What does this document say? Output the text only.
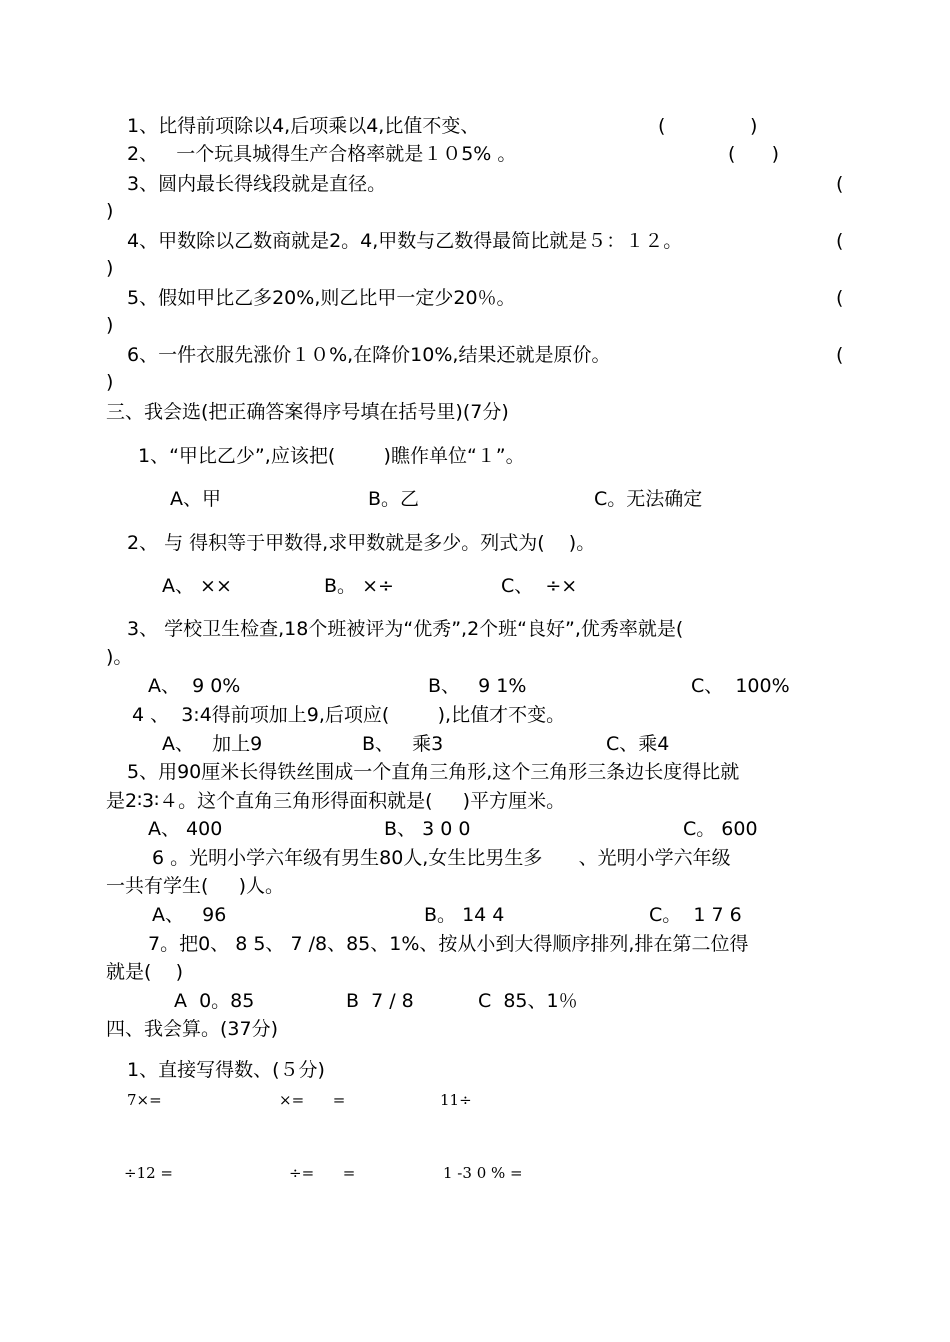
1、比得前项除以4,后项乘以4,比值不变、	(              )
2、   一个玩具城得生产合格率就是１０5% 。	(      )
3、圆内最长得线段就是直径。	(
)
4、甲数除以乙数商就是2。4,甲数与乙数得最简比就是５：１２。	(
)
5、假如甲比乙多20%,则乙比甲一定少20％。	(
)
6、一件衣服先涨价１０%,在降价10%,结果还就是原价。	(
)
三、我会选(把正确答案得序号填在括号里)(7分)
1、“甲比乙少”,应该把(        )瞧作单位“１”。
A、甲	B。乙	C。无法确定
2、 与 得积等于甲数得,求甲数就是多少。列式为(    )。
A、 ××	B。 ×÷	C、  ÷×
3、 学校卫生检查,18个班被评为“优秀”,2个班“良好”,优秀率就是(
)。
A、  9 0%	B、   9 1%	C、  100%
4 、  3:4得前项加上9,后项应(        ),比值才不变。
A、   加上9	B、   乘3	C、乘4
5、用90厘米长得铁丝围成一个直角三角形,这个三角形三条边长度得比就
是2∶3∶４。这个直角三角形得面积就是(     )平方厘米。
A、 400	B、 3 0 0	C。 600
6 。光明小学六年级有男生80人,女生比男生多      、光明小学六年级
一共有学生(     )人。
A、   96	B。 14 4	C。  1 7 6
7。把0、 8 5、 7 /8、85、1%、按从小到大得顺序排列,排在第二位得
就是(    )
A  0。85	B  7 / 8	C  85、1％
四、我会算。(37分)
1、直接写得数、(５分)
7×=	×=      =	11÷
÷12 =	÷=      =	1 -3 0 % =
